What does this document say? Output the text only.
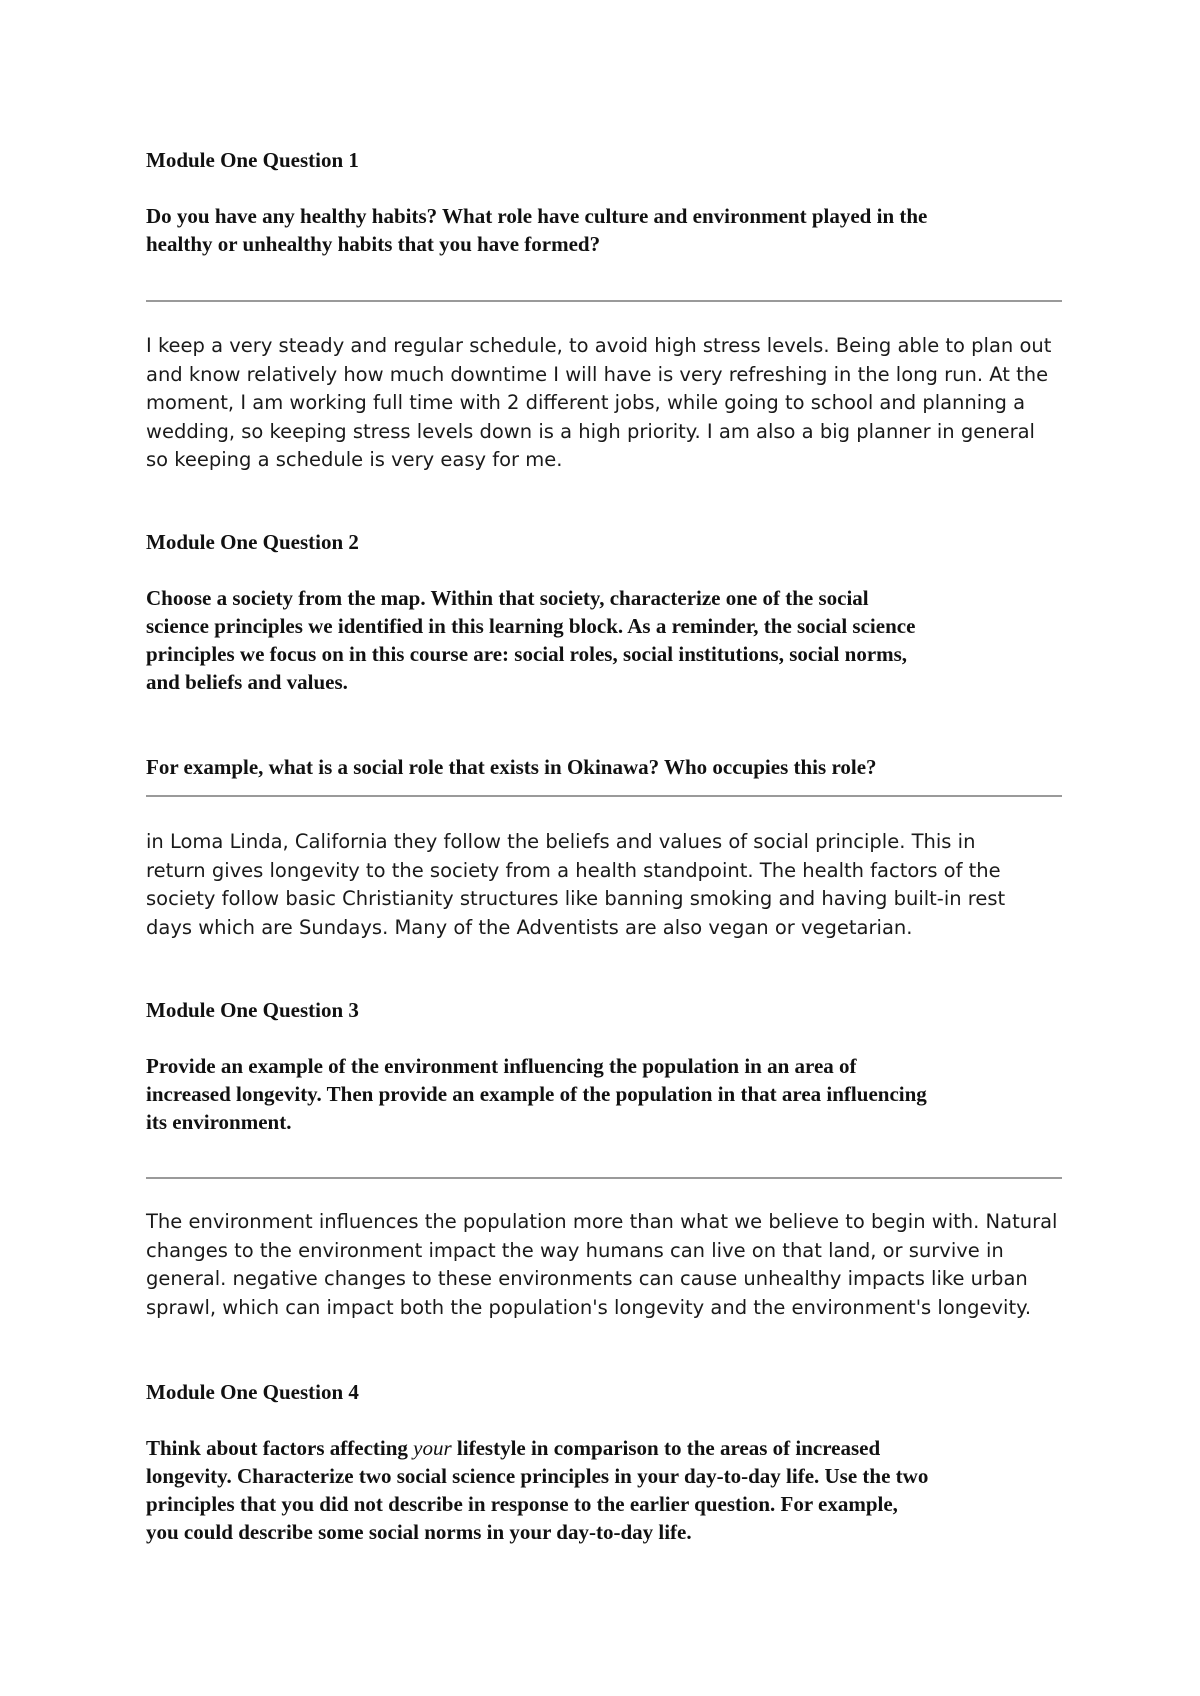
Module One Question 1

Do you have any healthy habits? What role have culture and environment played in the
healthy or unhealthy habits that you have formed?

I keep a very steady and regular schedule, to avoid high stress levels. Being able to plan out
and know relatively how much downtime I will have is very refreshing in the long run. At the
moment, I am working full time with 2 different jobs, while going to school and planning a
wedding, so keeping stress levels down is a high priority. I am also a big planner in general
so keeping a schedule is very easy for me.

Module One Question 2

Choose a society from the map. Within that society, characterize one of the social
science principles we identified in this learning block. As a reminder, the social science
principles we focus on in this course are: social roles, social institutions, social norms,
and beliefs and values.

For example, what is a social role that exists in Okinawa? Who occupies this role?

in Loma Linda, California they follow the beliefs and values of social principle. This in
return gives longevity to the society from a health standpoint. The health factors of the
society follow basic Christianity structures like banning smoking and having built-in rest
days which are Sundays. Many of the Adventists are also vegan or vegetarian.

Module One Question 3

Provide an example of the environment influencing the population in an area of
increased longevity. Then provide an example of the population in that area influencing
its environment.

The environment influences the population more than what we believe to begin with. Natural
changes to the environment impact the way humans can live on that land, or survive in
general. negative changes to these environments can cause unhealthy impacts like urban
sprawl, which can impact both the population's longevity and the environment's longevity.

Module One Question 4

Think about factors affecting your lifestyle in comparison to the areas of increased
longevity. Characterize two social science principles in your day-to-day life. Use the two
principles that you did not describe in response to the earlier question. For example,
you could describe some social norms in your day-to-day life.
